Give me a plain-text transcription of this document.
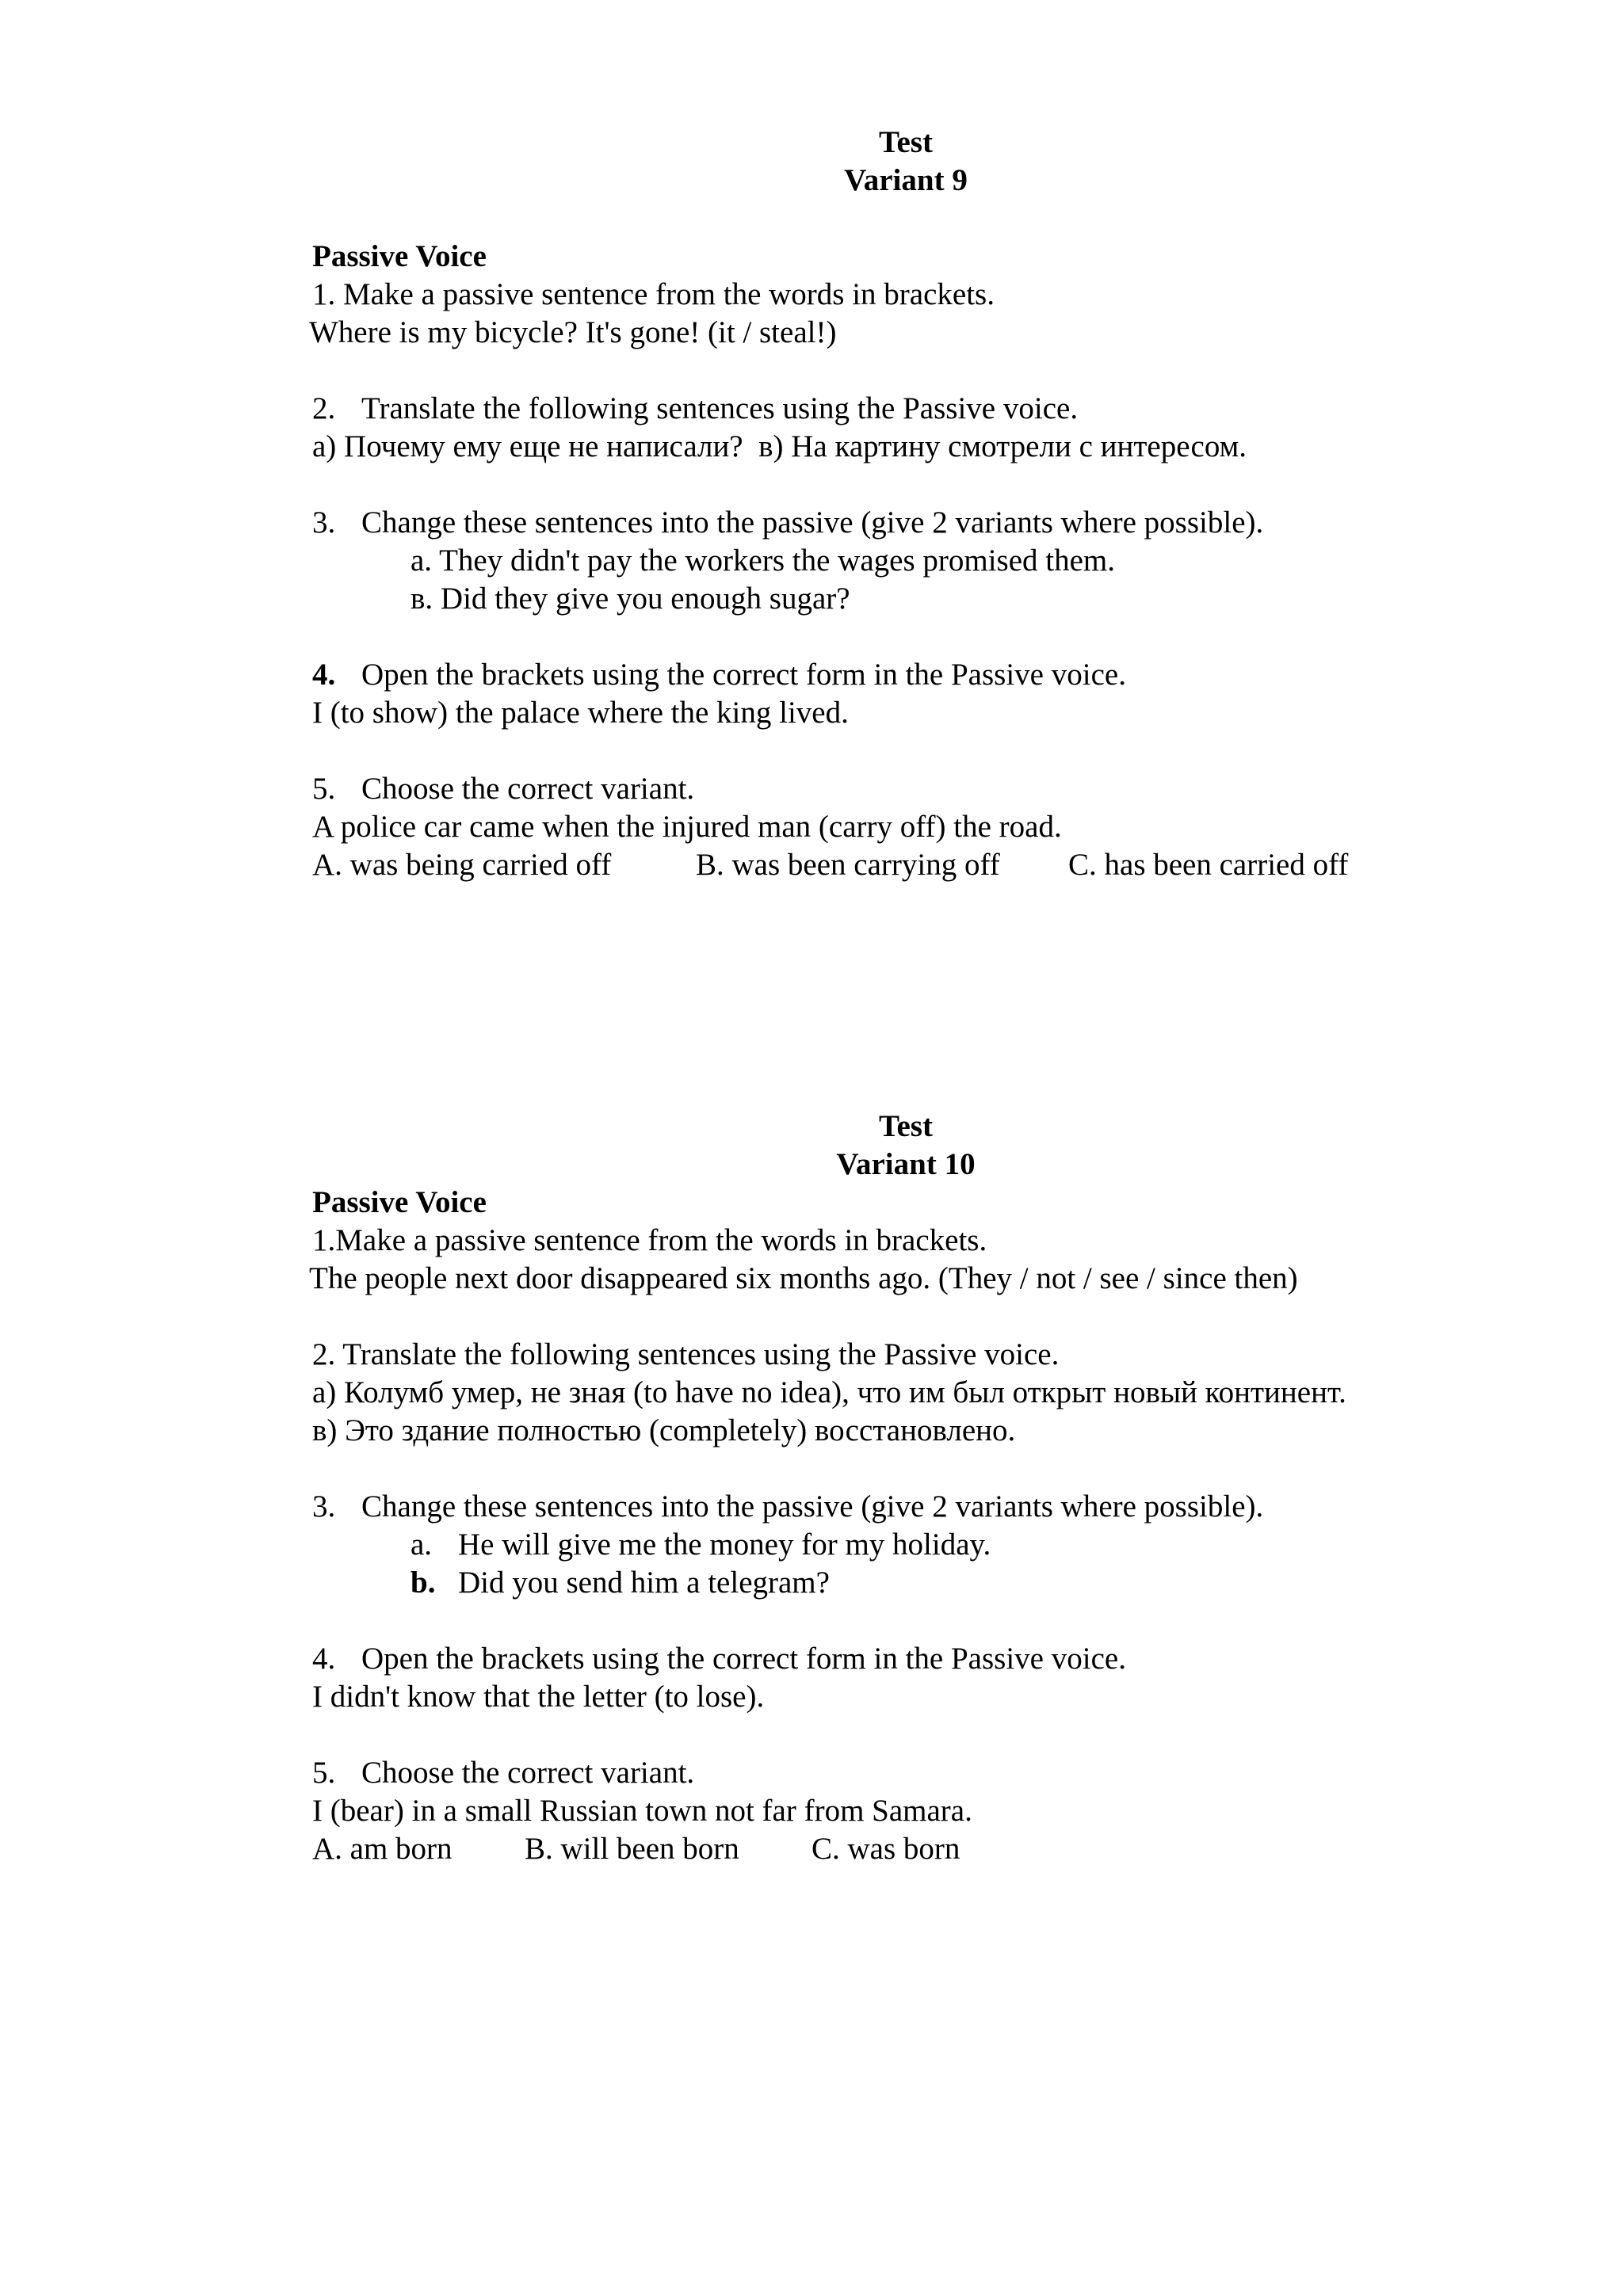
Test
Variant 9
Passive Voice
1. Make a passive sentence from the words in brackets.
Where is my bicycle? It's gone! (it / steal!)
2. Translate the following sentences using the Passive voice.
а) Почему ему еще не написали?  в) На картину смотрели с интересом.
3. Change these sentences into the passive (give 2 variants where possible).
a. They didn't pay the workers the wages promised them.
в. Did they give you enough sugar?
4. Open the brackets using the correct form in the Passive voice.
I (to show) the palace where the king lived.
5. Choose the correct variant.
A police car came when the injured man (carry off) the road.
A. was being carried off	B. was been carrying off C. has been carried off
Test
Variant 10
Passive Voice
1.Make a passive sentence from the words in brackets.
The people next door disappeared six months ago. (They / not / see / since then)
2. Translate the following sentences using the Passive voice.
а) Колумб умер, не зная (to have no idea), что им был открыт новый континент.
в) Это здание полностью (completely) восстановлено.
3. Change these sentences into the passive (give 2 variants where possible).
a. He will give me the money for my holiday.
b. Did you send him a telegram?
4. Open the brackets using the correct form in the Passive voice.
I didn't know that the letter (to lose).
5. Choose the correct variant.
I (bear) in a small Russian town not far from Samara.
A. am born B. will been born C. was born
